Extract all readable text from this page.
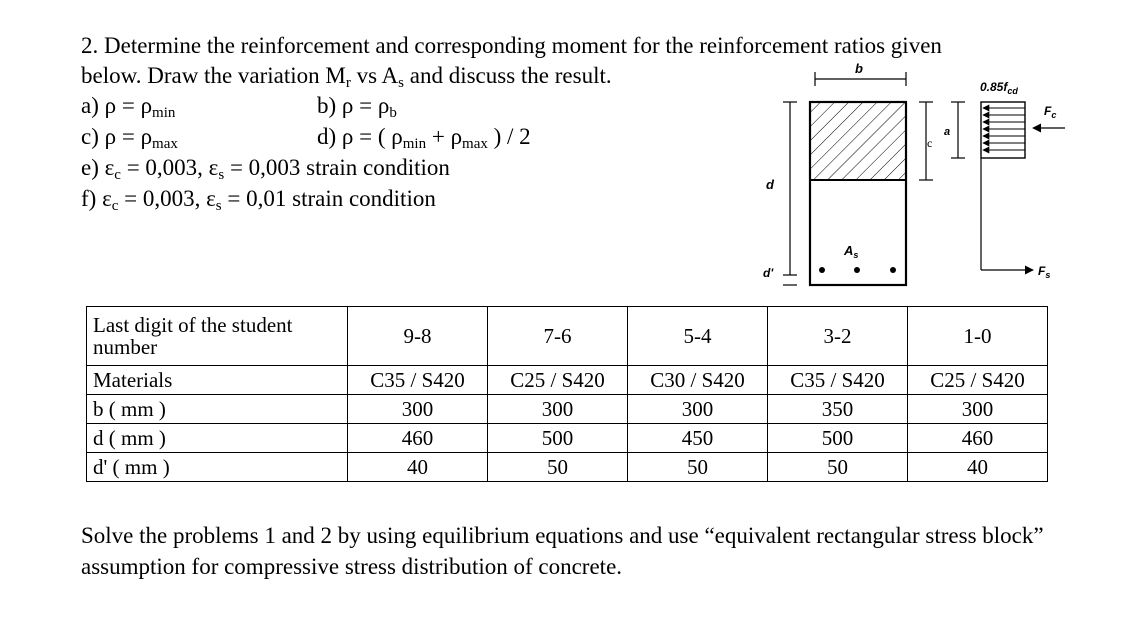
2. Determine the reinforcement and corresponding moment for the reinforcement ratios given
below. Draw the variation $M_r$ vs $A_s$ and discuss the result.
a) $\rho = \rho_{min}$	b) $\rho = \rho_b$
c) $\rho = \rho_{max}$	d) ρ = ( $\rho_{min} + \rho_{max}$ ) / 2
e) $\varepsilon_c = 0,003$, $\varepsilon_s = 0,003$ strain condition
f) $\varepsilon_c = 0,003$, $\varepsilon_s = 0,01$ strain condition
b
$A_s$
d
d'
c
a
$0.85f_{cd}$
$F_c$
$F_s$
Last digit of the student number	9-8	7-6	5-4	3-2	1-0
Materials	C35 / S420	C25 / S420	C30 / S420	C35 / S420	C25 / S420
b ( mm )	300	300	300	350	300
d ( mm )	460	500	450	500	460
d' ( mm )	40	50	50	50	40
Solve the problems 1 and 2 by using equilibrium equations and use “equivalent rectangular stress block” assumption for compressive stress distribution of concrete.
